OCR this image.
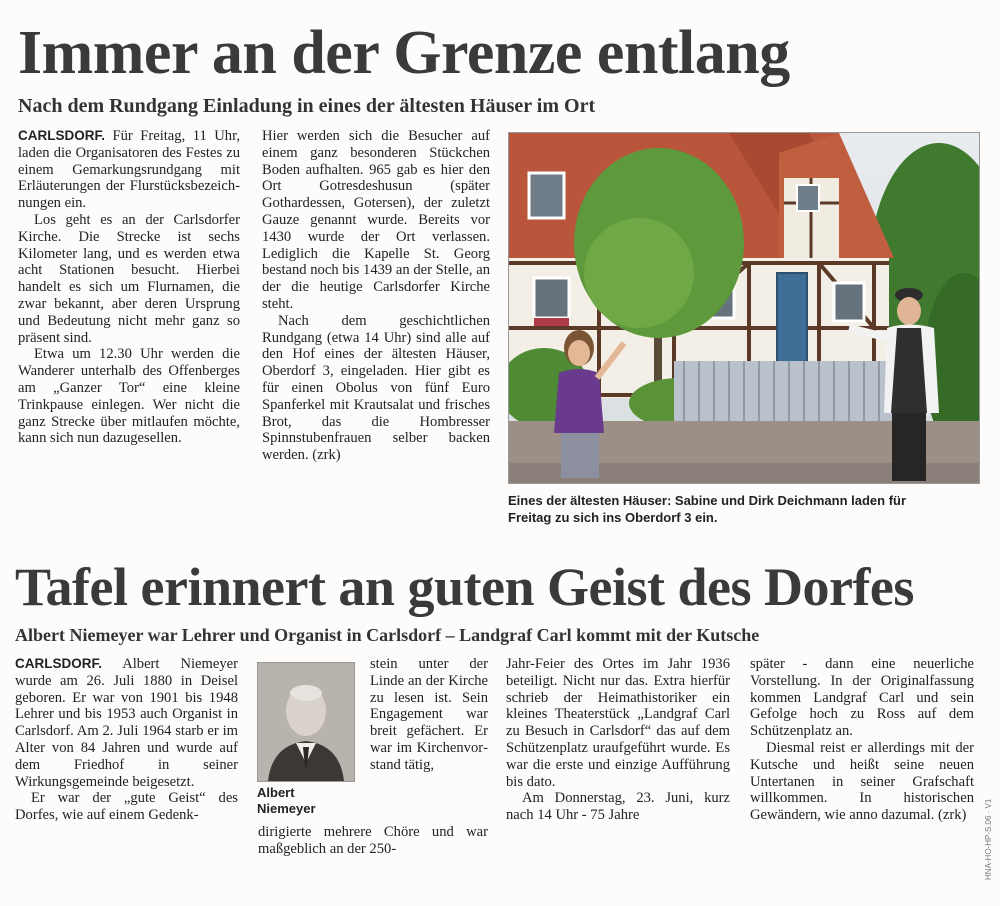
Immer an der Grenze entlang
Nach dem Rundgang Einladung in eines der ältesten Häuser im Ort

CARLSDORF. Für Freitag, 11 Uhr, laden die Organisatoren des Festes zu einem Gemarkungsrundgang mit Erläuterungen der Flurstücksbezeichnungen ein.

Los geht es an der Carlsdorfer Kirche. Die Strecke ist sechs Kilometer lang, und es werden etwa acht Stationen besucht. Hierbei handelt es sich um Flurnamen, die zwar bekannt, aber deren Ursprung und Bedeutung nicht mehr ganz so präsent sind.

Etwa um 12.30 Uhr werden die Wanderer unterhalb des Offenberges am „Ganzer Tor“ eine kleine Trinkpause einlegen. Wer nicht die ganz Strecke über mitlaufen möchte, kann sich nun dazugesellen.

Hier werden sich die Besucher auf einem ganz besonderen Stückchen Boden aufhalten. 965 gab es hier den Ort Gotresdeshusun (später Gothardessen, Gotersen), der zuletzt Gauze genannt wurde. Bereits vor 1430 wurde der Ort verlassen. Lediglich die Kapelle St. Georg bestand noch bis 1439 an der Stelle, an der die heutige Carlsdorfer Kirche steht.

Nach dem geschichtlichen Rundgang (etwa 14 Uhr) sind alle auf den Hof eines der ältesten Häuser, Oberdorf 3, eingeladen. Hier gibt es für einen Obolus von fünf Euro Spanferkel mit Krautsalat und frisches Brot, das die Hombresser Spinnstubenfrauen selber backen werden. (zrk)

Eines der ältesten Häuser: Sabine und Dirk Deichmann laden für
Freitag zu sich ins Oberdorf 3 ein.
Tafel erinnert an guten Geist des Dorfes
Albert Niemeyer war Lehrer und Organist in Carlsdorf – Landgraf Carl kommt mit der Kutsche

CARLSDORF. Albert Niemeyer wurde am 26. Juli 1880 in Deisel geboren. Er war von 1901 bis 1948 Lehrer und bis 1953 auch Organist in Carlsdorf. Am 2. Juli 1964 starb er im Alter von 84 Jahren und wurde auf dem Friedhof in seiner Wirkungsgemeinde beigesetzt.

Er war der „gute Geist“ des Dorfes, wie auf einem Gedenk-

Albert
Niemeyer

stein unter der Linde an der Kirche zu lesen ist. Sein Engagement war breit gefächert. Er war im Kirchenvorstand tätig,

dirigierte mehrere Chöre und war maßgeblich an der 250-

Jahr-Feier des Ortes im Jahr 1936 beteiligt. Nicht nur das. Extra hierfür schrieb der Heimathistoriker ein kleines Theaterstück „Landgraf Carl zu Besuch in Carlsdorf“ das auf dem Schützenplatz uraufgeführt wurde. Es war die erste und einzige Aufführung bis dato.

Am Donnerstag, 23. Juni, kurz nach 14 Uhr - 75 Jahre

später - dann eine neuerliche Vorstellung. In der Originalfassung kommen Landgraf Carl und sein Gefolge hoch zu Ross auf dem Schützenplatz an.

Diesmal reist er allerdings mit der Kutsche und heißt seine neuen Untertanen in seiner Grafschaft willkommen. In historischen Gewändern, wie anno dazumal. (zrk)	HNA-HO-HP-S.06 · V1
